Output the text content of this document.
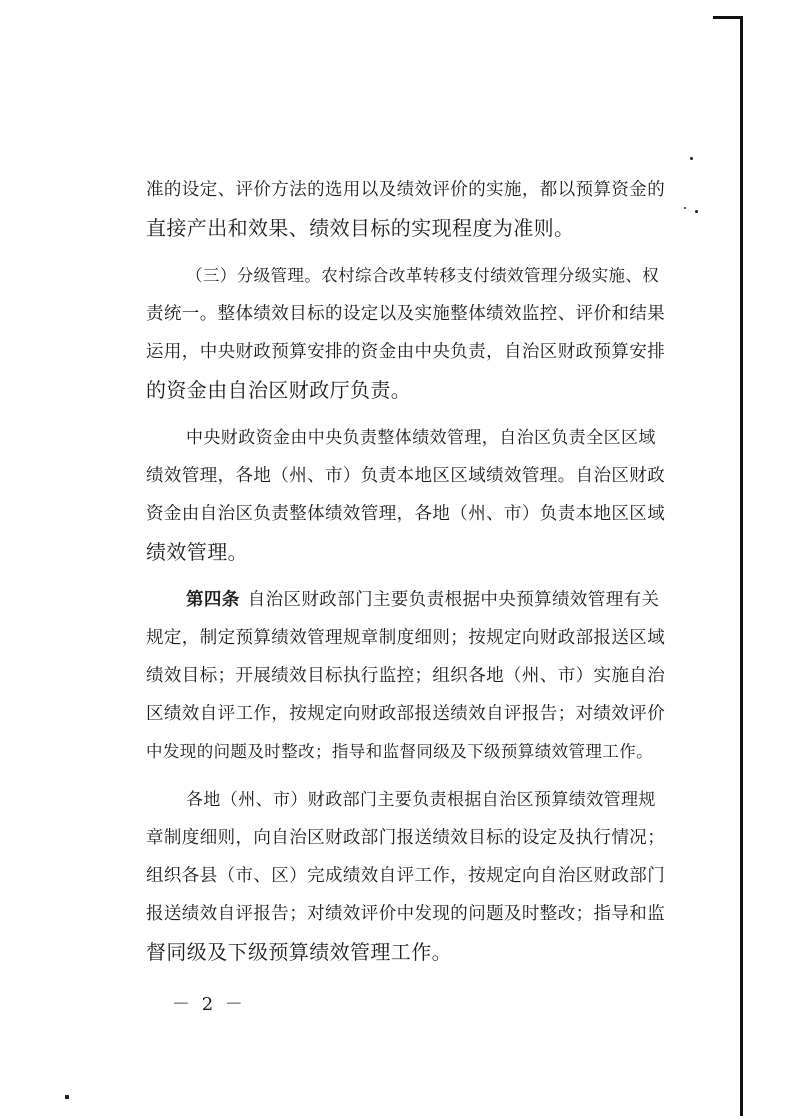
准的设定、评价方法的选用以及绩效评价的实施，都以预算资金的
直接产出和效果、绩效目标的实现程度为准则。
（三）分级管理。农村综合改革转移支付绩效管理分级实施、权
责统一。整体绩效目标的设定以及实施整体绩效监控、评价和结果
运用，中央财政预算安排的资金由中央负责，自治区财政预算安排
的资金由自治区财政厅负责。
中央财政资金由中央负责整体绩效管理，自治区负责全区区域
绩效管理，各地（州、市）负责本地区区域绩效管理。自治区财政
资金由自治区负责整体绩效管理，各地（州、市）负责本地区区域
绩效管理。
第四条 自治区财政部门主要负责根据中央预算绩效管理有关
规定，制定预算绩效管理规章制度细则；按规定向财政部报送区域
绩效目标；开展绩效目标执行监控；组织各地（州、市）实施自治
区绩效自评工作，按规定向财政部报送绩效自评报告；对绩效评价
中发现的问题及时整改；指导和监督同级及下级预算绩效管理工作。
各地（州、市）财政部门主要负责根据自治区预算绩效管理规
章制度细则，向自治区财政部门报送绩效目标的设定及执行情况；
组织各县（市、区）完成绩效自评工作，按规定向自治区财政部门
报送绩效自评报告；对绩效评价中发现的问题及时整改；指导和监
督同级及下级预算绩效管理工作。
－ 2 －
